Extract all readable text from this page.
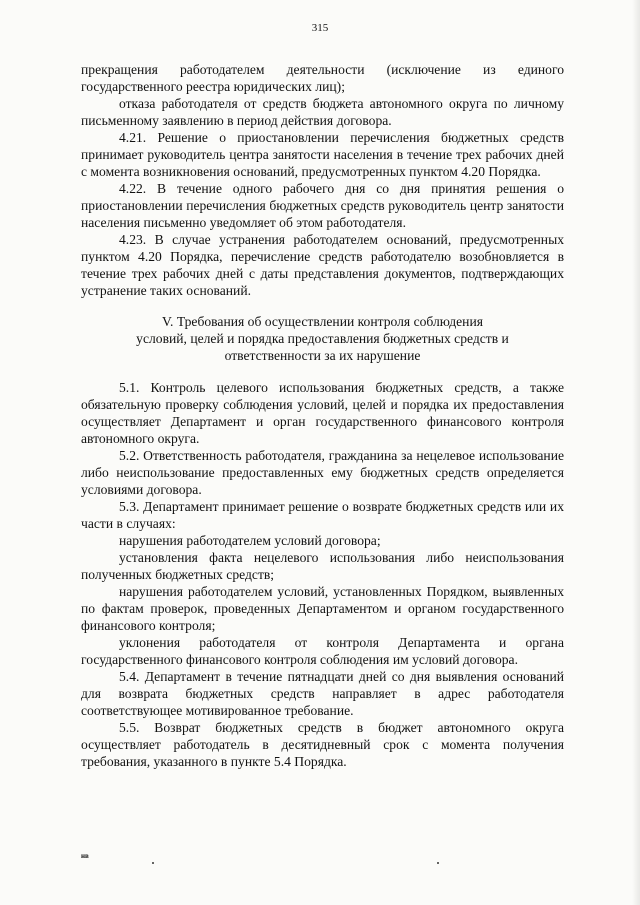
315

прекращения работодателем деятельности (исключение из единого государственного реестра юридических лиц);

отказа работодателя от средств бюджета автономного округа по личному письменному заявлению в период действия договора.

4.21. Решение о приостановлении перечисления бюджетных средств принимает руководитель центра занятости населения в течение трех рабочих дней с момента возникновения оснований, предусмотренных пунктом 4.20 Порядка.

4.22. В течение одного рабочего дня со дня принятия решения о приостановлении перечисления бюджетных средств руководитель центр занятости населения письменно уведомляет об этом работодателя.

4.23. В случае устранения работодателем оснований, предусмотренных пунктом 4.20 Порядка, перечисление средств работодателю возобновляется в течение трех рабочих дней с даты представления документов, подтверждающих устранение таких оснований.

V. Требования об осуществлении контроля соблюдения
условий, целей и порядка предоставления бюджетных средств и
ответственности за их нарушение

5.1. Контроль целевого использования бюджетных средств, а также обязательную проверку соблюдения условий, целей и порядка их предоставления осуществляет Департамент и орган государственного финансового контроля автономного округа.

5.2. Ответственность работодателя, гражданина за нецелевое использование либо неиспользование предоставленных ему бюджетных средств определяется условиями договора.

5.3. Департамент принимает решение о возврате бюджетных средств или их части в случаях:

нарушения работодателем условий договора;

установления факта нецелевого использования либо неиспользования полученных бюджетных средств;

нарушения работодателем условий, установленных Порядком, выявленных по фактам проверок, проведенных Департаментом и органом государственного финансового контроля;

уклонения работодателя от контроля Департамента и органа государственного финансового контроля соблюдения им условий договора.

5.4. Департамент в течение пятнадцати дней со дня выявления оснований для возврата бюджетных средств направляет в адрес работодателя соответствующее мотивированное требование.

5.5. Возврат бюджетных средств в бюджет автономного округа осуществляет работодатель в десятидневный срок с момента получения требования, указанного в пункте 5.4 Порядка.

нв
